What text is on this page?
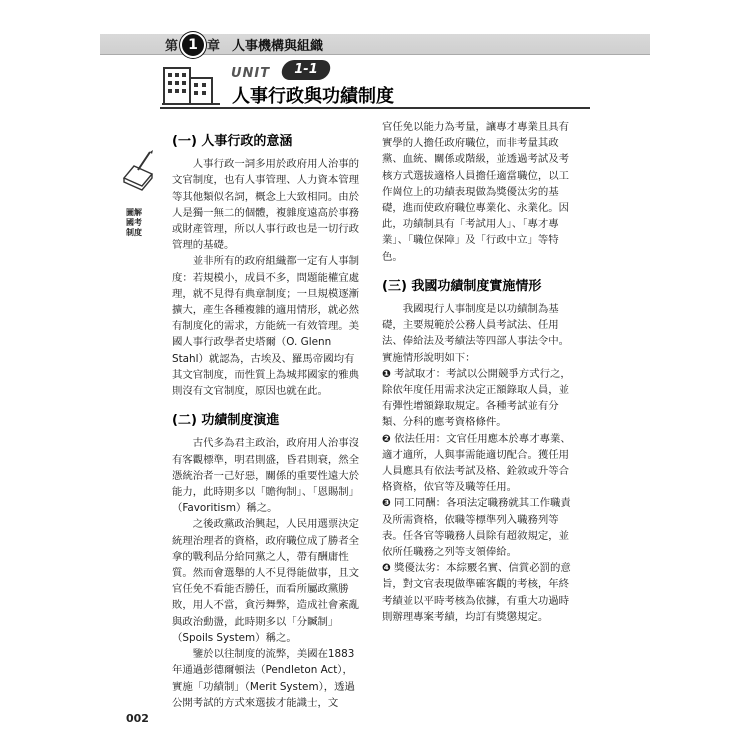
第 1 章 人事機構與組織
UNIT	1-1
人事行政與功績制度
圖解國考制度
(一) 人事行政的意涵

人事行政一詞多用於政府用人治事的文官制度，也有人事管理、人力資本管理等其他類似名詞，概念上大致相同。由於人是獨一無二的個體，複雜度遠高於事務或財產管理，所以人事行政也是一切行政管理的基礎。

並非所有的政府組織都一定有人事制度：若規模小，成員不多，問題能權宜處理，就不見得有典章制度；一旦規模逐漸擴大，產生各種複雜的適用情形，就必然有制度化的需求，方能統一有效管理。美國人事行政學者史塔爾（O. Glenn Stahl）就認為，古埃及、羅馬帝國均有其文官制度，而性質上為城邦國家的雅典則沒有文官制度，原因也就在此。

(二) 功績制度演進

古代多為君主政治，政府用人治事沒有客觀標準，明君則盛，昏君則衰，然全憑統治者一己好惡，關係的重要性遠大於能力，此時期多以「贍徇制」、「恩賜制」（Favoritism）稱之。

之後政黨政治興起，人民用選票決定統理治理者的資格，政府職位成了勝者全拿的戰利品分給同黨之人，帶有酬庸性質。然而會選舉的人不見得能做事，且文官任免不看能否勝任，而看所屬政黨勝敗，用人不當，貪污舞弊，造成社會紊亂與政治動盪，此時期多以「分贓制」（Spoils System）稱之。

鑒於以往制度的流弊，美國在1883年通過彭德爾頓法（Pendleton Act），實施「功績制」（Merit System），透過公開考試的方式來選拔才能識士，文

官任免以能力為考量，讓專才專業且具有實學的人擔任政府職位，而非考量其政黨、血統、關係或階級，並透過考試及考核方式選拔適格人員擔任適當職位，以工作崗位上的功績表現做為獎優汰劣的基礎，進而使政府職位專業化、永業化。因此，功績制具有「考試用人」、「專才專業」、「職位保障」及「行政中立」等特色。

(三) 我國功績制度實施情形

我國現行人事制度是以功績制為基礎，主要規範於公務人員考試法、任用法、俸給法及考績法等四部人事法令中。實施情形說明如下：

❶ 考試取才：考試以公開競爭方式行之，除依年度任用需求決定正額錄取人員，並有彈性增額錄取規定。各種考試並有分類、分科的應考資格條件。

❷ 依法任用：文官任用應本於專才專業、適才適所，人與事需能適切配合。獲任用人員應具有依法考試及格、銓敘或升等合格資格，依官等及職等任用。

❸ 同工同酬：各項法定職務就其工作職責及所需資格，依職等標準列入職務列等表。任各官等職務人員除有超敘規定，並依所任職務之列等支領俸給。

❹ 獎優汰劣：本綜覈名實、信賞必罰的意旨，對文官表現做準確客觀的考核，年終考績並以平時考核為依據，有重大功過時則辦理專案考績，均訂有獎懲規定。

002
